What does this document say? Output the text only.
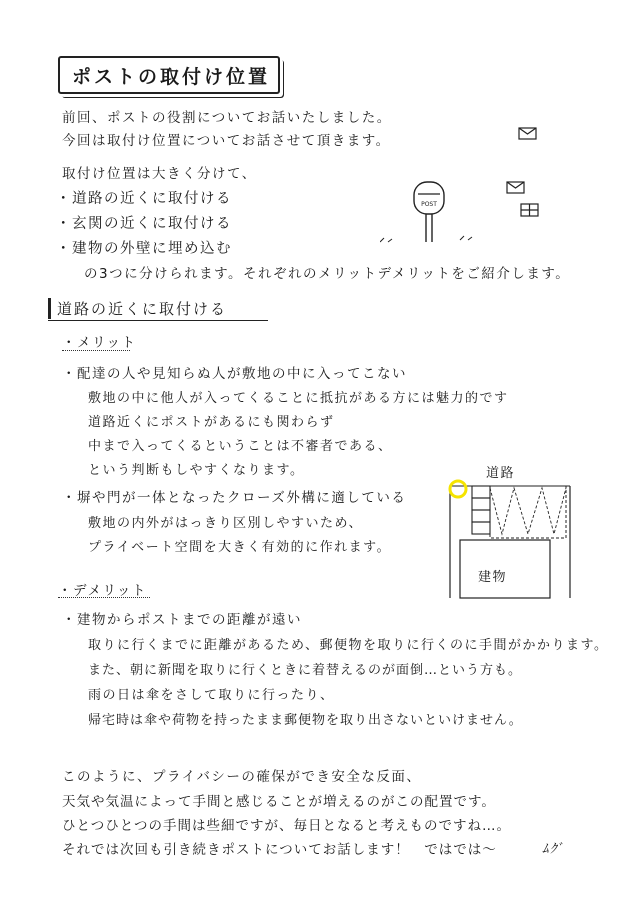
ポストの取付け位置
前回、ポストの役割についてお話いたしました。
今回は取付け位置についてお話させて頂きます。
取付け位置は大きく分けて、
・道路の近くに取付ける
・玄関の近くに取付ける
・建物の外壁に埋め込む
の3つに分けられます。それぞれのメリットデメリットをご紹介します。
POST
道路の近くに取付ける
・メリット
・配達の人や見知らぬ人が敷地の中に入ってこない
敷地の中に他人が入ってくることに抵抗がある方には魅力的です
道路近くにポストがあるにも関わらず
中まで入ってくるということは不審者である、
という判断もしやすくなります。
・塀や門が一体となったクローズ外構に適している
敷地の内外がはっきり区別しやすいため、
プライベート空間を大きく有効的に作れます。
道路
建物
・デメリット
・建物からポストまでの距離が遠い
取りに行くまでに距離があるため、郵便物を取りに行くのに手間がかかります。
また、朝に新聞を取りに行くときに着替えるのが面倒…という方も。
雨の日は傘をさして取りに行ったり、
帰宅時は傘や荷物を持ったまま郵便物を取り出さないといけません。
このように、プライバシーの確保ができ安全な反面、
天気や気温によって手間と感じることが増えるのがこの配置です。
ひとつひとつの手間は些細ですが、毎日となると考えものですね…。
それでは次回も引き続きポストについてお話します！　ではでは～	ﾑｸﾞ
